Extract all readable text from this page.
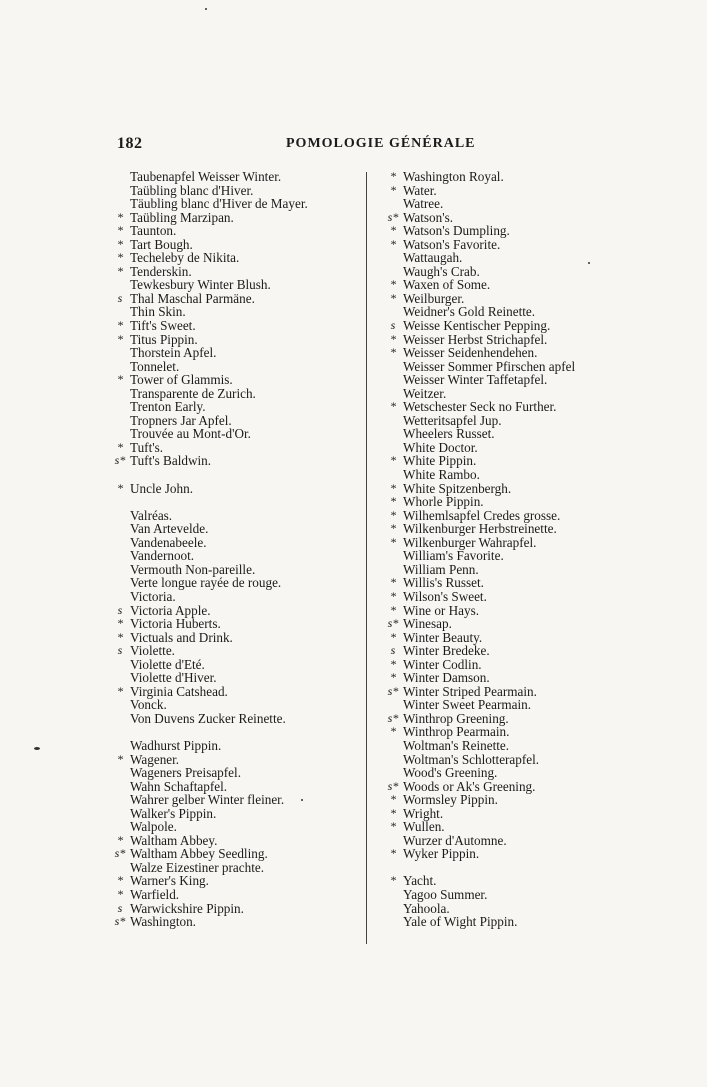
182	POMOLOGIE GÉNÉRALE
Taubenapfel Weisser Winter.
Taübling blanc d'Hiver.
Täubling blanc d'Hiver de Mayer.
* Taübling Marzipan.
* Taunton.
* Tart Bough.
* Techeleby de Nikita.
* Tenderskin.
Tewkesbury Winter Blush.
s Thal Maschal Parmäne.
Thin Skin.
* Tift's Sweet.
* Titus Pippin.
Thorstein Apfel.
Tonnelet.
* Tower of Glammis.
Transparente de Zurich.
Trenton Early.
Tropners Jar Apfel.
Trouvée au Mont-d'Or.
* Tuft's.
s* Tuft's Baldwin.
* Uncle John.
Valréas.
Van Artevelde.
Vandenabeele.
Vandernoot.
Vermouth Non-pareille.
Verte longue rayée de rouge.
Victoria.
s Victoria Apple.
* Victoria Huberts.
* Victuals and Drink.
s Violette.
Violette d'Eté.
Violette d'Hiver.
* Virginia Catshead.
Vonck.
Von Duvens Zucker Reinette.
Wadhurst Pippin.
* Wagener.
Wageners Preisapfel.
Wahn Schaftapfel.
Wahrer gelber Winter fleiner.
Walker's Pippin.
Walpole.
* Waltham Abbey.
s* Waltham Abbey Seedling.
Walze Eizestiner prachte.
* Warner's King.
* Warfield.
s Warwickshire Pippin.
s* Washington.
* Washington Royal.
* Water.
Watree.
s* Watson's.
* Watson's Dumpling.
* Watson's Favorite.
Wattaugah.
Waugh's Crab.
* Waxen of Some.
* Weilburger.
Weidner's Gold Reinette.
s Weisse Kentischer Pepping.
* Weisser Herbst Strichapfel.
* Weisser Seidenhendehen.
Weisser Sommer Pfirschen apfel
Weisser Winter Taffetapfel.
Weitzer.
* Wetschester Seck no Further.
Wetteritsapfel Jup.
Wheelers Russet.
White Doctor.
* White Pippin.
White Rambo.
* White Spitzenbergh.
* Whorle Pippin.
* Wilhemlsapfel Credes grosse.
* Wilkenburger Herbstreinette.
* Wilkenburger Wahrapfel.
William's Favorite.
William Penn.
* Willis's Russet.
* Wilson's Sweet.
* Wine or Hays.
s* Winesap.
* Winter Beauty.
s Winter Bredeke.
* Winter Codlin.
* Winter Damson.
s* Winter Striped Pearmain.
Winter Sweet Pearmain.
s* Winthrop Greening.
* Winthrop Pearmain.
Woltman's Reinette.
Woltman's Schlotterapfel.
Wood's Greening.
s* Woods or Ak's Greening.
* Wormsley Pippin.
* Wright.
* Wullen.
Wurzer d'Automne.
* Wyker Pippin.
* Yacht.
Yagoo Summer.
Yahoola.
Yale of Wight Pippin.
